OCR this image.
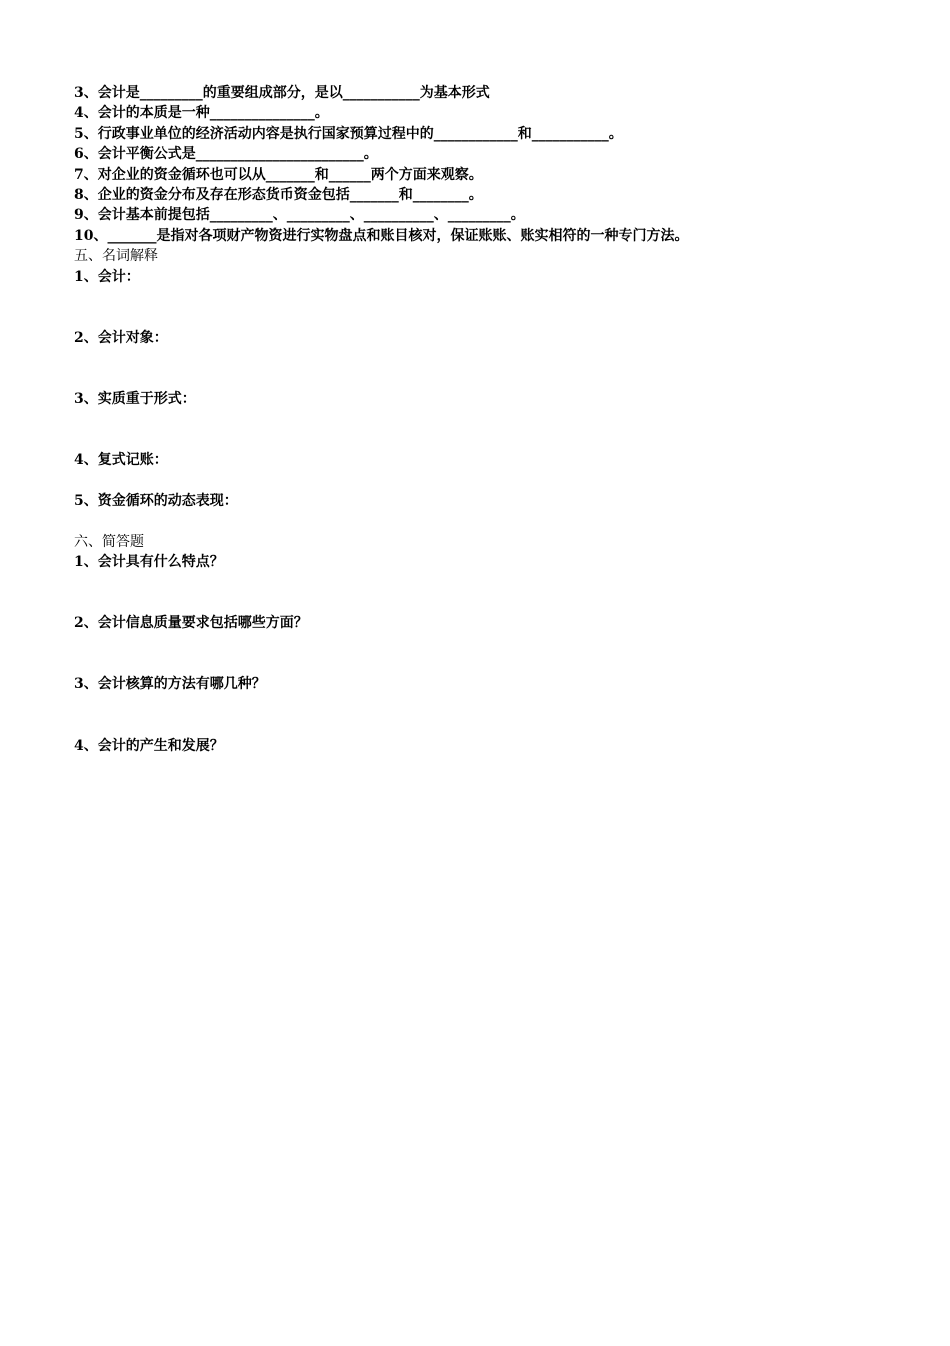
3、会计是_________的重要组成部分，是以___________为基本形式
4、会计的本质是一种_______________。
5、行政事业单位的经济活动内容是执行国家预算过程中的____________和___________。
6、会计平衡公式是________________________。
7、对企业的资金循环也可以从_______和______两个方面来观察。
8、企业的资金分布及存在形态货币资金包括_______和________。
9、会计基本前提包括_________、_________、__________、_________。
10、_______是指对各项财产物资进行实物盘点和账目核对，保证账账、账实相符的一种专门方法。
五、名词解释
1、会计：
2、会计对象：
3、实质重于形式：
4、复式记账：
5、资金循环的动态表现：
六、简答题
1、会计具有什么特点？
2、会计信息质量要求包括哪些方面？
3、会计核算的方法有哪几种？
4、会计的产生和发展？
